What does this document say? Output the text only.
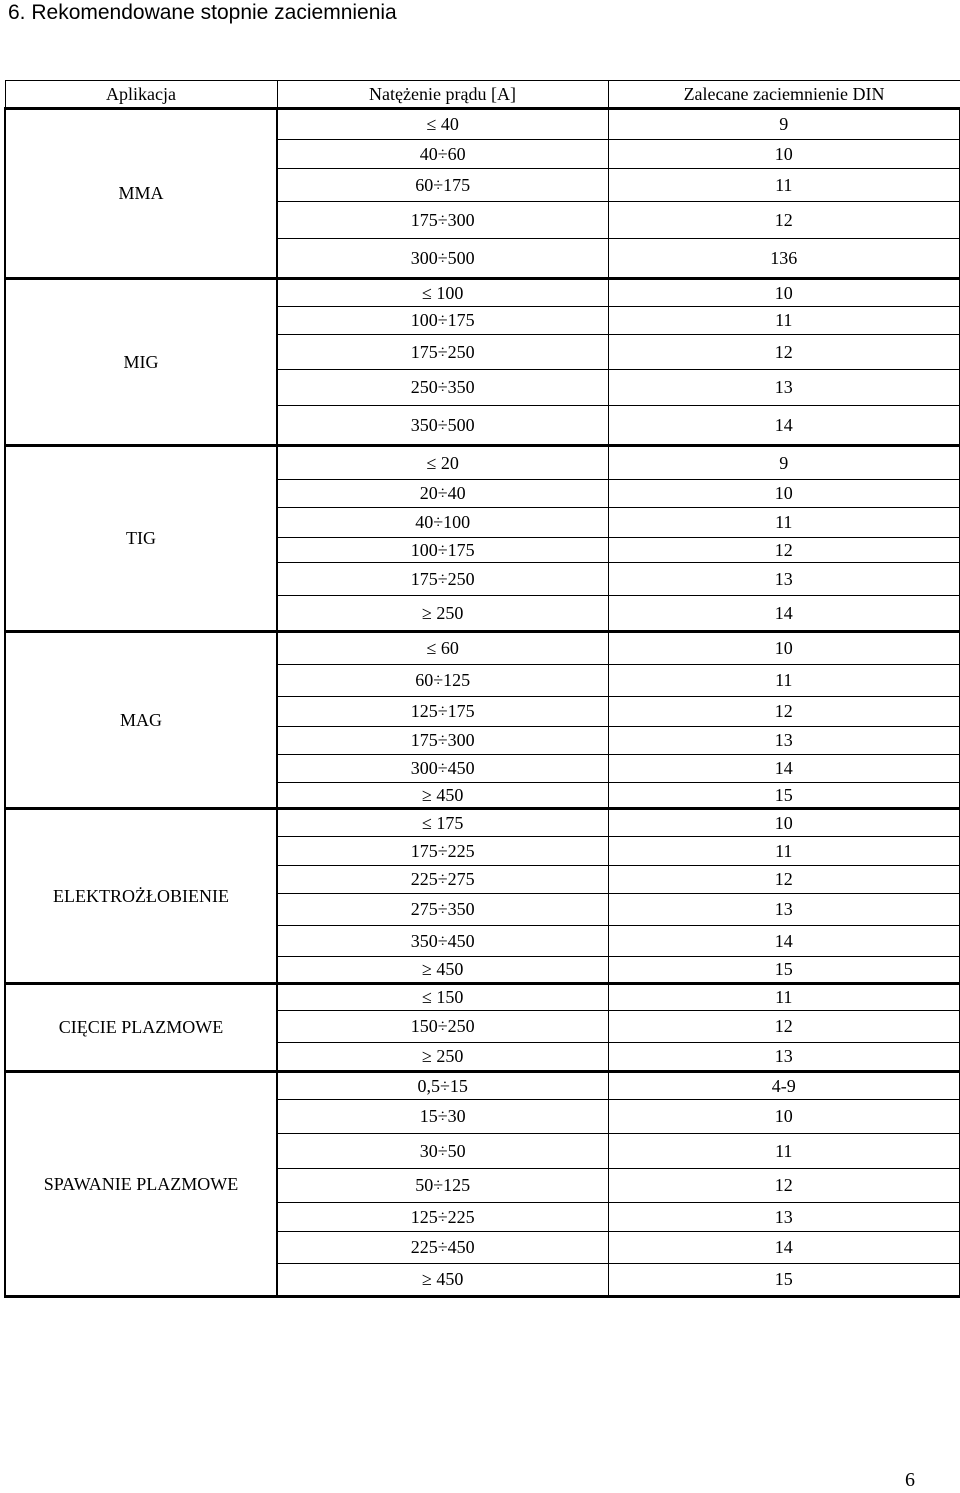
6. Rekomendowane stopnie zaciemnienia
Aplikacja	Natężenie prądu [A]	Zalecane zaciemnienie DIN
MMA	≤ 40	9
	40÷60	10
	60÷175	11
	175÷300	12
	300÷500	136
MIG	≤ 100	10
	100÷175	11
	175÷250	12
	250÷350	13
	350÷500	14
TIG	≤ 20	9
	20÷40	10
	40÷100	11
	100÷175	12
	175÷250	13
	≥ 250	14
MAG	≤ 60	10
	60÷125	11
	125÷175	12
	175÷300	13
	300÷450	14
	≥ 450	15
ELEKTROŻŁOBIENIE	≤ 175	10
	175÷225	11
	225÷275	12
	275÷350	13
	350÷450	14
	≥ 450	15
CIĘCIE PLAZMOWE	≤ 150	11
	150÷250	12
	≥ 250	13
SPAWANIE PLAZMOWE	0,5÷15	4-9
	15÷30	10
	30÷50	11
	50÷125	12
	125÷225	13
	225÷450	14
	≥ 450	15
6
